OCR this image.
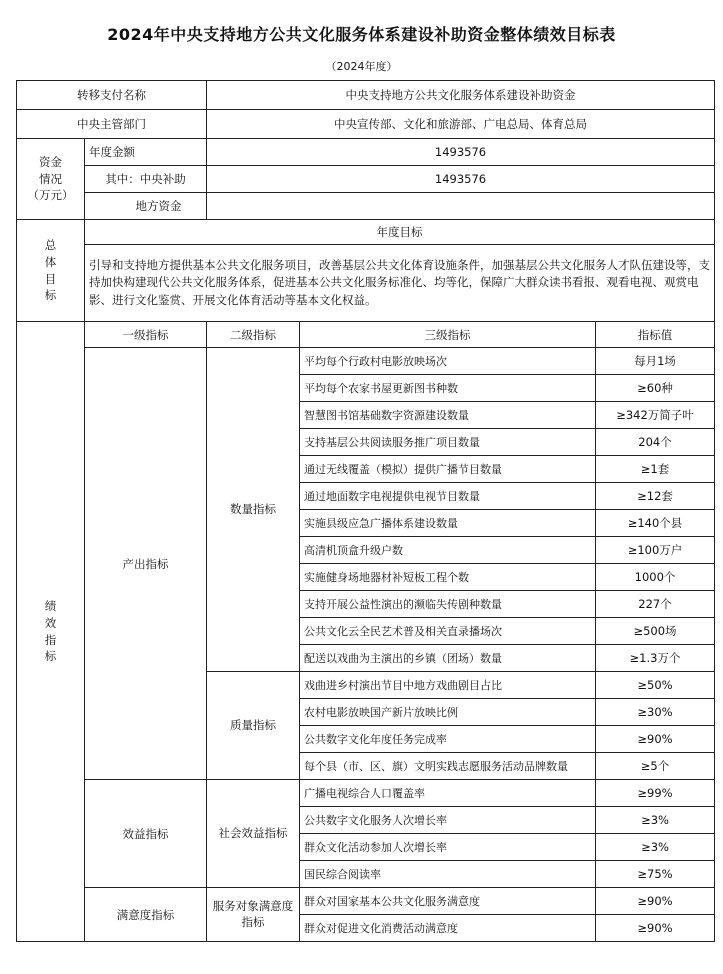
2024年中央支持地方公共文化服务体系建设补助资金整体绩效目标表
（2024年度）
转移支付名称		中央支持地方公共文化服务体系建设补助资金		
中央主管部门		中央宣传部、文化和旅游部、广电总局、体育总局		
资金
情况
（万元）	年度金额	1493576		
	其中：中央补助	1493576		
	地方资金			
总
体
目
标	年度目标			
	引导和支持地方提供基本公共文化服务项目，改善基层公共文化体育设施条件，加强基层公共文化服务人才队伍建设等，支持加快构建现代公共文化服务体系，促进基本公共文化服务标准化、均等化，保障广大群众读书看报、观看电视、观赏电影、进行文化鉴赏、开展文化体育活动等基本文化权益。			
绩
效
指
标	一级指标	二级指标	三级指标	指标值
	产出指标	数量指标	平均每个行政村电影放映场次	每月1场
			平均每个农家书屋更新图书种数	≥60种
			智慧图书馆基础数字资源建设数量	≥342万简子叶
			支持基层公共阅读服务推广项目数量	204个
			通过无线覆盖（模拟）提供广播节目数量	≥1套
			通过地面数字电视提供电视节目数量	≥12套
			实施县级应急广播体系建设数量	≥140个县
			高清机顶盒升级户数	≥100万户
			实施健身场地器材补短板工程个数	1000个
			支持开展公益性演出的濒临失传剧种数量	227个
			公共文化云全民艺术普及相关直录播场次	≥500场
			配送以戏曲为主演出的乡镇（团场）数量	≥1.3万个
		质量指标	戏曲进乡村演出节目中地方戏曲剧目占比	≥50%
			农村电影放映国产新片放映比例	≥30%
			公共数字文化年度任务完成率	≥90%
			每个县（市、区、旗）文明实践志愿服务活动品牌数量	≥5个
	效益指标	社会效益指标	广播电视综合人口覆盖率	≥99%
			公共数字文化服务人次增长率	≥3%
			群众文化活动参加人次增长率	≥3%
			国民综合阅读率	≥75%
	满意度指标	服务对象满意度指标	群众对国家基本公共文化服务满意度	≥90%
			群众对促进文化消费活动满意度	≥90%
